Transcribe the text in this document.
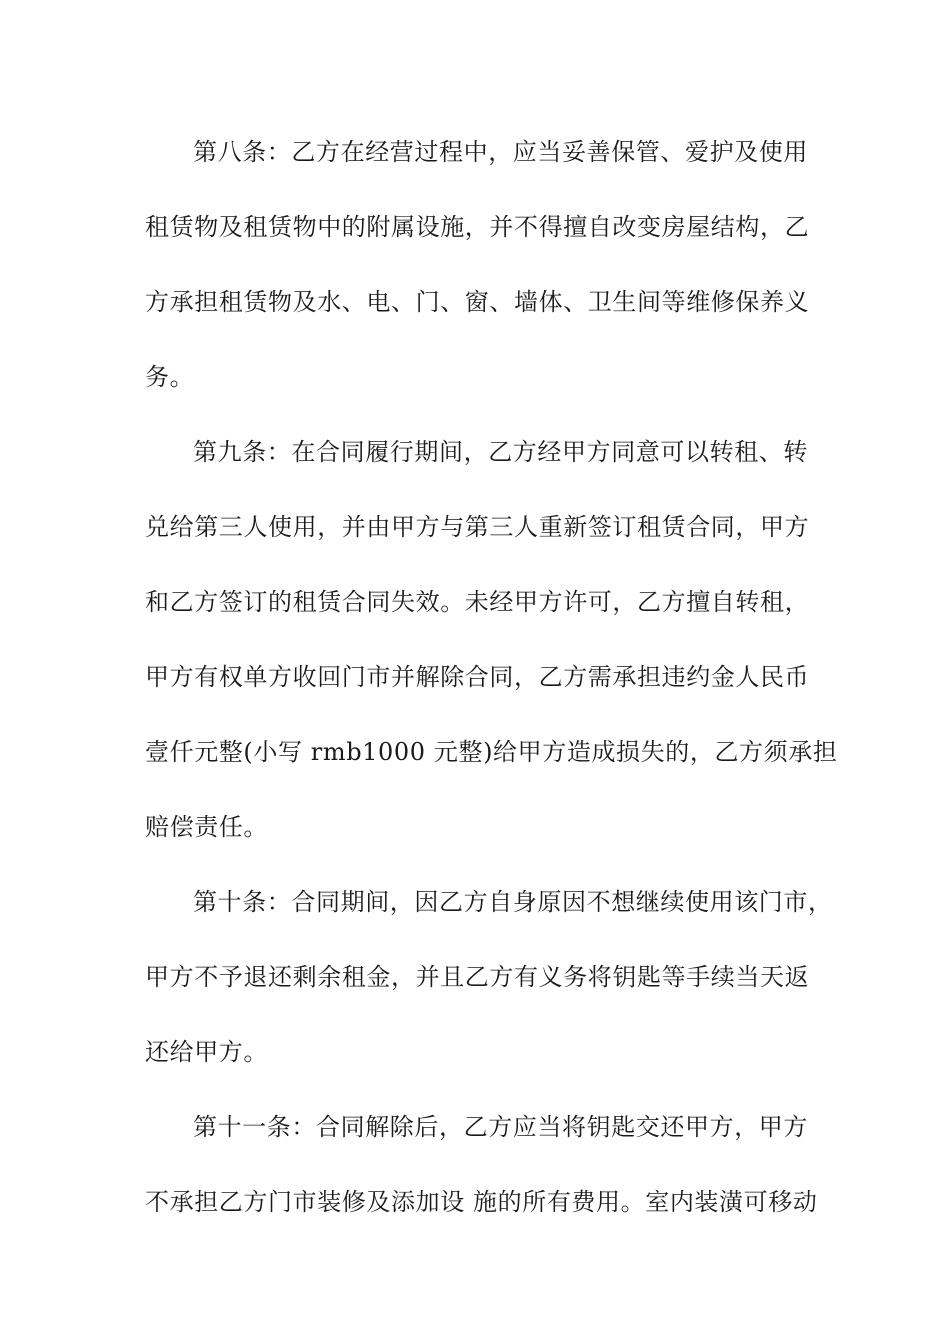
第八条：乙方在经营过程中，应当妥善保管、爱护及使用
租赁物及租赁物中的附属设施，并不得擅自改变房屋结构，乙
方承担租赁物及水、电、门、窗、墙体、卫生间等维修保养义
务。
第九条：在合同履行期间，乙方经甲方同意可以转租、转
兑给第三人使用，并由甲方与第三人重新签订租赁合同，甲方
和乙方签订的租赁合同失效。未经甲方许可，乙方擅自转租，
甲方有权单方收回门市并解除合同，乙方需承担违约金人民币
壹仟元整(小写 rmb1000 元整)给甲方造成损失的，乙方须承担
赔偿责任。
第十条：合同期间，因乙方自身原因不想继续使用该门市，
甲方不予退还剩余租金，并且乙方有义务将钥匙等手续当天返
还给甲方。
第十一条：合同解除后，乙方应当将钥匙交还甲方，甲方
不承担乙方门市装修及添加设 施的所有费用。室内装潢可移动
